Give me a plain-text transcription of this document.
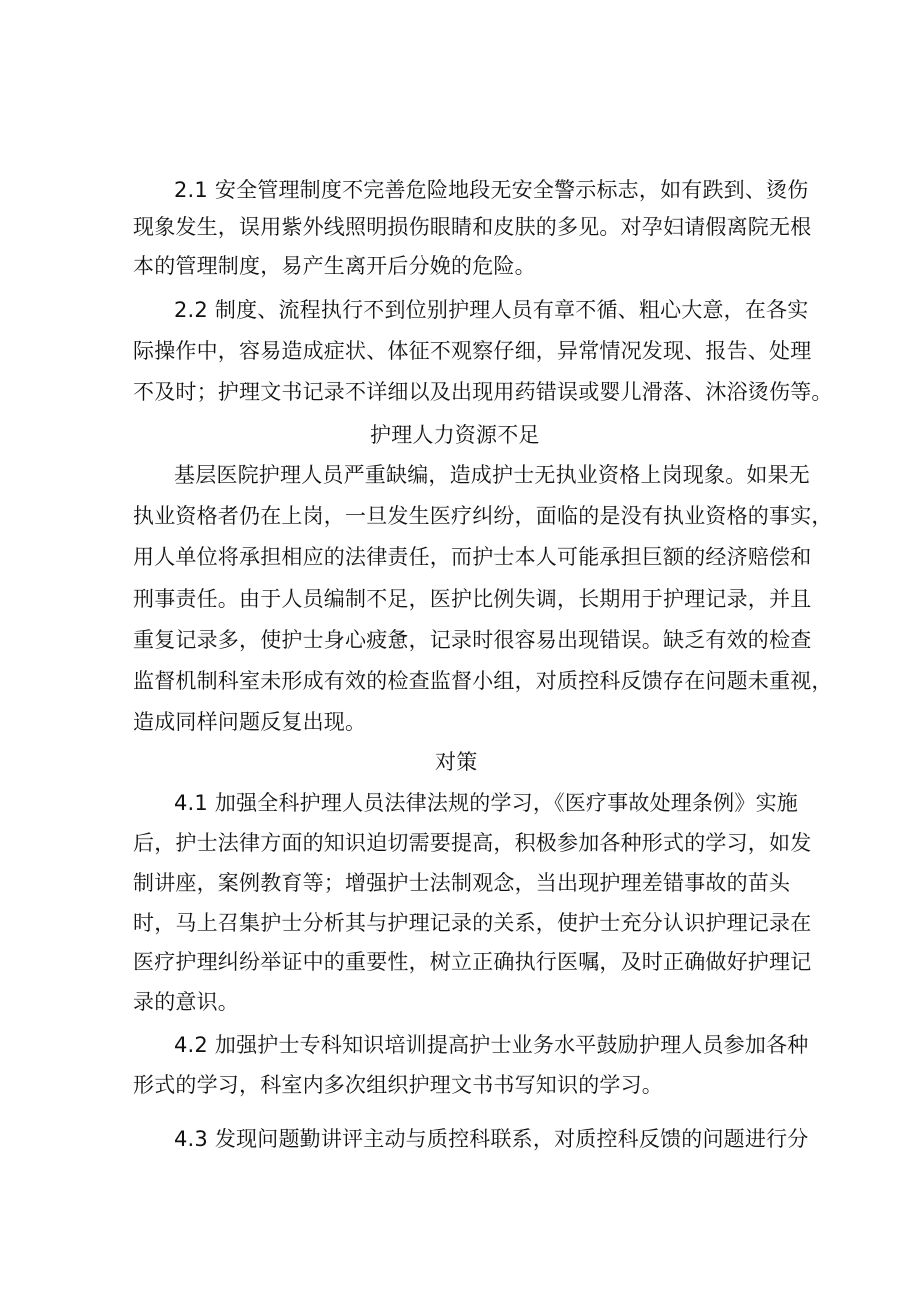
2.1 安全管理制度不完善危险地段无安全警示标志，如有跌到、烫伤
现象发生，误用紫外线照明损伤眼睛和皮肤的多见。对孕妇请假离院无根
本的管理制度，易产生离开后分娩的危险。
2.2 制度、流程执行不到位别护理人员有章不循、粗心大意，在各实
际操作中，容易造成症状、体征不观察仔细，异常情况发现、报告、处理
不及时；护理文书记录不详细以及出现用药错误或婴儿滑落、沐浴烫伤等。
护理人力资源不足
基层医院护理人员严重缺编，造成护士无执业资格上岗现象。如果无
执业资格者仍在上岗，一旦发生医疗纠纷，面临的是没有执业资格的事实，
用人单位将承担相应的法律责任，而护士本人可能承担巨额的经济赔偿和
刑事责任。由于人员编制不足，医护比例失调，长期用于护理记录，并且
重复记录多，使护士身心疲惫，记录时很容易出现错误。缺乏有效的检查
监督机制科室未形成有效的检查监督小组，对质控科反馈存在问题未重视，
造成同样问题反复出现。
对策
4.1 加强全科护理人员法律法规的学习，《医疗事故处理条例》实施
后，护士法律方面的知识迫切需要提高，积极参加各种形式的学习，如发
制讲座，案例教育等；增强护士法制观念，当出现护理差错事故的苗头
时，马上召集护士分析其与护理记录的关系，使护士充分认识护理记录在
医疗护理纠纷举证中的重要性，树立正确执行医嘱，及时正确做好护理记
录的意识。
4.2 加强护士专科知识培训提高护士业务水平鼓励护理人员参加各种
形式的学习，科室内多次组织护理文书书写知识的学习。
4.3 发现问题勤讲评主动与质控科联系，对质控科反馈的问题进行分
